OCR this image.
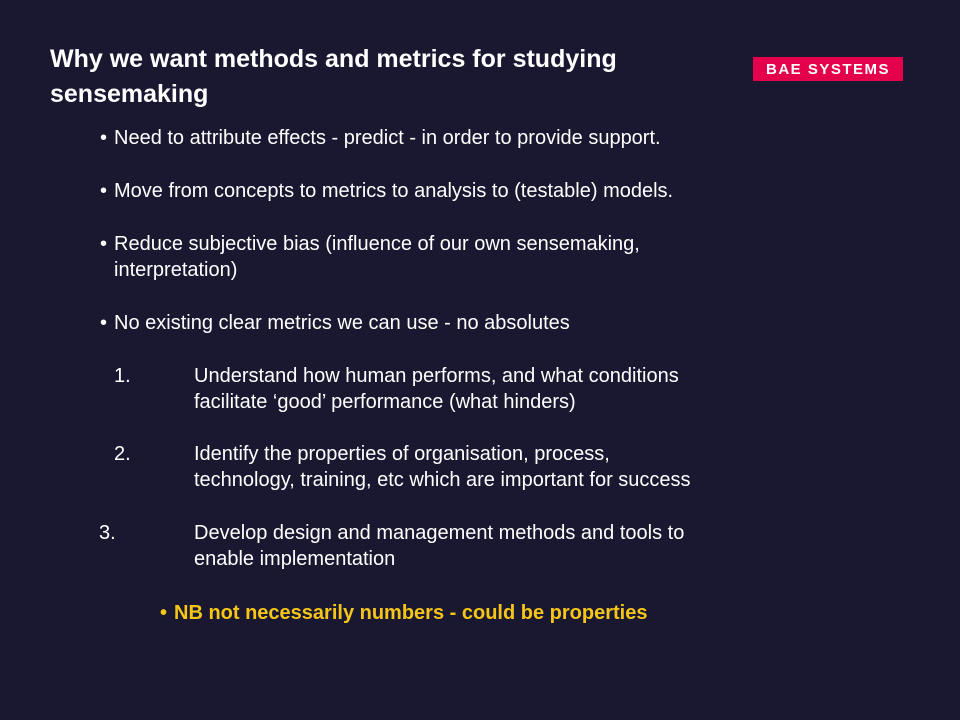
Why we want methods and metrics for studying
sensemaking
BAE SYSTEMS
• Need to attribute effects - predict - in order to provide support.
• Move from concepts to metrics to analysis to (testable) models.
• Reduce subjective bias (influence of our own sensemaking,
interpretation)
• No existing clear metrics we can use - no absolutes
1.	Understand how human performs, and what conditions
facilitate ‘good’ performance (what hinders)
2.	Identify the properties of organisation, process,
technology, training, etc which are important for success
3.	Develop design and management methods and tools to
enable implementation
• NB not necessarily numbers - could be properties
